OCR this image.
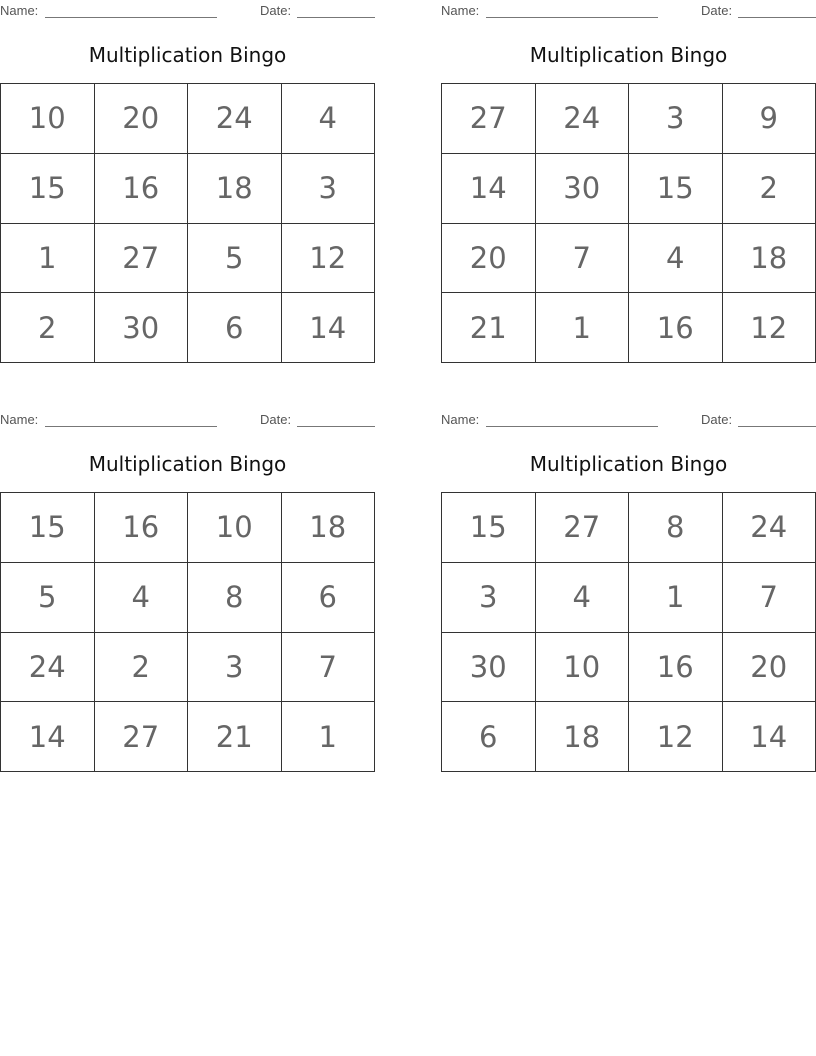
Name:	Date:
Multiplication Bingo
10	20	24	4
15	16	18	3
1	27	5	12
2	30	6	14
Name:	Date:
Multiplication Bingo
27	24	3	9
14	30	15	2
20	7	4	18
21	1	16	12
Name:	Date:
Multiplication Bingo
15	16	10	18
5	4	8	6
24	2	3	7
14	27	21	1
Name:	Date:
Multiplication Bingo
15	27	8	24
3	4	1	7
30	10	16	20
6	18	12	14
